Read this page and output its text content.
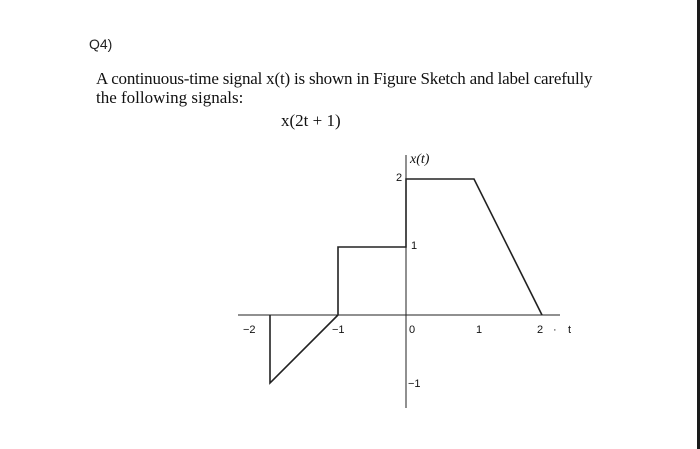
Q4)
A continuous-time signal x(t) is shown in Figure Sketch and label carefully
the following signals:
x(2t + 1)
x(t)
2
1
−1
−2	−1	0	1	2 · t
